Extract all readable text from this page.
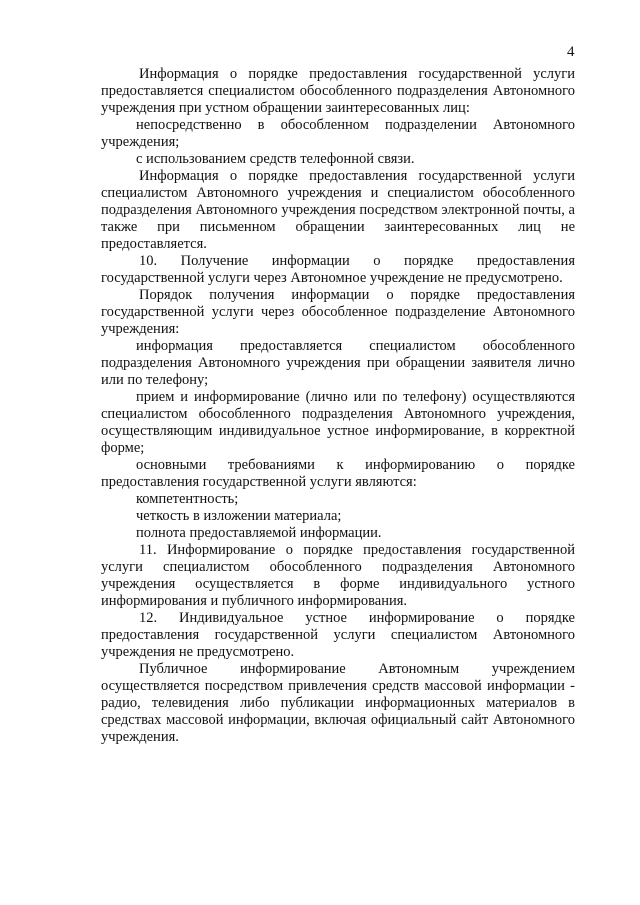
4

Информация о порядке предоставления государственной услуги предоставляется специалистом обособленного подразделения Автономного учреждения при устном обращении заинтересованных лиц:

непосредственно в обособленном подразделении Автономного учреждения;

с использованием средств телефонной связи.

Информация о порядке предоставления государственной услуги специалистом Автономного учреждения и специалистом обособленного подразделения Автономного учреждения посредством электронной почты, а также при письменном обращении заинтересованных лиц не предоставляется.

10. Получение информации о порядке предоставления государственной услуги через Автономное учреждение не предусмотрено.

Порядок получения информации о порядке предоставления государственной услуги через обособленное подразделение Автономного учреждения:

информация предоставляется специалистом обособленного подразделения Автономного учреждения при обращении заявителя лично или по телефону;

прием и информирование (лично или по телефону) осуществляются специалистом обособленного подразделения Автономного учреждения, осуществляющим индивидуальное устное информирование, в корректной форме;

основными требованиями к информированию о порядке предоставления государственной услуги являются:

компетентность;

четкость в изложении материала;

полнота предоставляемой информации.

11. Информирование о порядке предоставления государственной услуги специалистом обособленного подразделения Автономного учреждения осуществляется в форме индивидуального устного информирования и публичного информирования.

12. Индивидуальное устное информирование о порядке предоставления государственной услуги специалистом Автономного учреждения не предусмотрено.

Публичное информирование Автономным учреждением осуществляется посредством привлечения средств массовой информации - радио, телевидения либо публикации информационных материалов в средствах массовой информации, включая официальный сайт Автономного учреждения.
